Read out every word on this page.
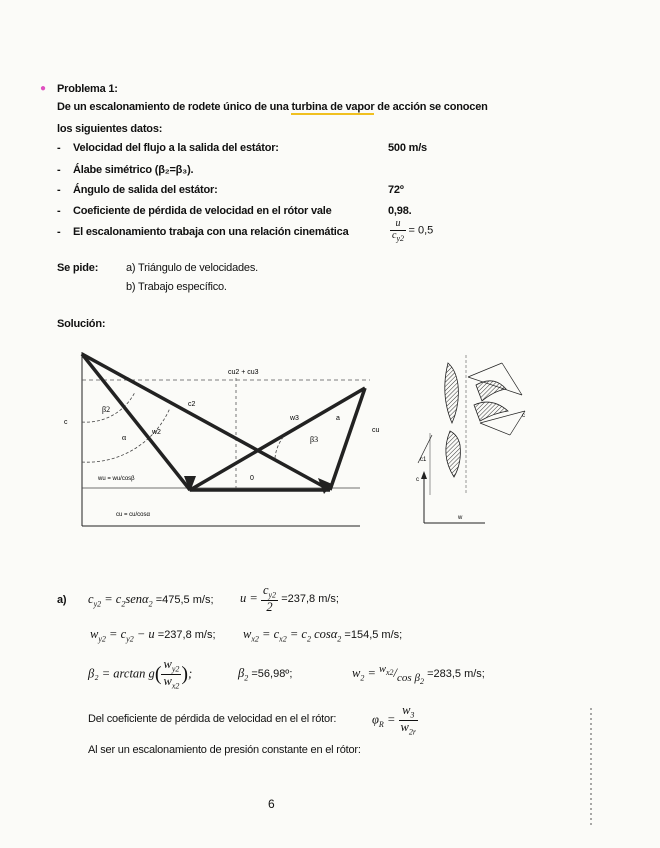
● Problema 1:
De un escalonamiento de rodete único de una turbina de vapor de acción se conocen
los siguientes datos:
- Velocidad del flujo a la salida del estátor:	500 m/s
- Álabe simétrico (β₂=β₃).
- Ángulo de salida del estátor:	72º
- Coeficiente de pérdida de velocidad en el rótor vale	0,98.
- El escalonamiento trabaja con una relación cinemática	$\frac{u}{c_{y2}} = 0,5$
Se pide:	a) Triángulo de velocidades.
b) Trabajo específico.
Solución:
cu2 + cu3
c
β2
α
w2
c2
w3
β3
a
cu
wu = wu/cosβ
cu = cu/cosα
0
c1
c
w
c
a) $c_{y2} = c_2sen\alpha_2 =475,5$ m/s; $u = \frac{c_{y2}}{2} =237,8$ m/s;
$w_{y2} = c_{y2} - u =237,8$ m/s; $w_{x2} = c_{x2} = c_2$ cosα$_2$ =154,5 m/s;
$\beta_2 = \arctan g( \frac{w_{y2}}{w_{x2}}$ );	$\beta_2$ =56,98º;	$w_2 = ^{w_{x2}}/_{cos \beta_2} =283,5$ m/s;
Del coeficiente de pérdida de velocidad en el el rótor:	$\varphi_R = \frac{w_3}{w_{2r}}$
Al ser un escalonamiento de presión constante en el rótor:
6
